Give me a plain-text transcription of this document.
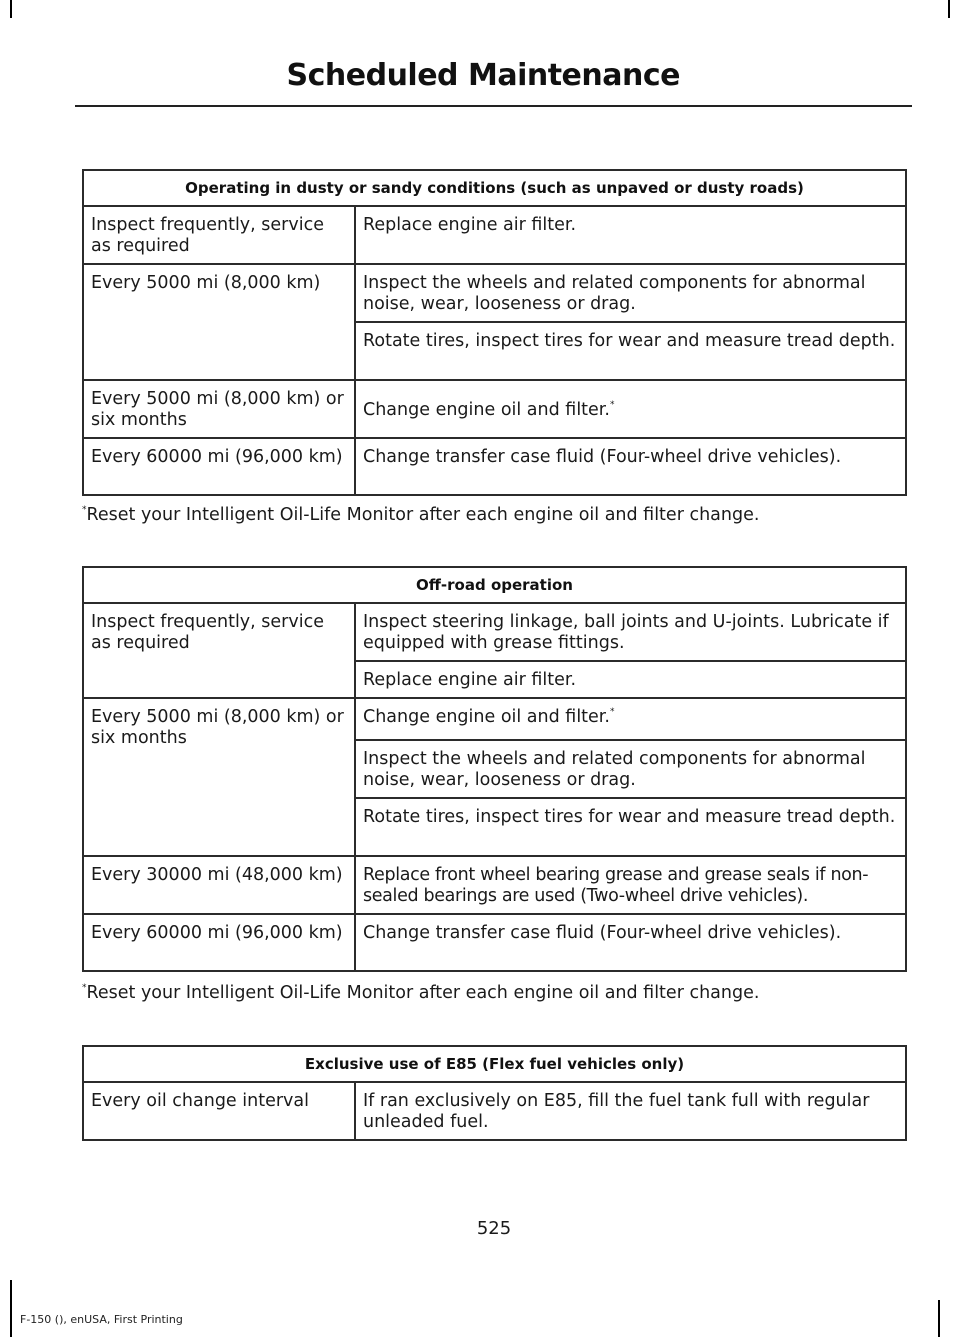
Scheduled Maintenance
Operating in dusty or sandy conditions (such as unpaved or dusty roads)	
Inspect frequently, service as required	Replace engine air filter.
Every 5000 mi (8,000 km)	Inspect the wheels and related components for abnormal noise, wear, looseness or drag.
	Rotate tires, inspect tires for wear and measure tread depth.
Every 5000 mi (8,000 km) or six months	Change engine oil and filter.*
Every 60000 mi (96,000 km)	Change transfer case fluid (Four-wheel drive vehicles).
*Reset your Intelligent Oil-Life Monitor after each engine oil and filter change.
Off-road operation	
Inspect frequently, service as required	Inspect steering linkage, ball joints and U-joints. Lubricate if equipped with grease fittings.
	Replace engine air filter.
Every 5000 mi (8,000 km) or six months	Change engine oil and filter.*
	Inspect the wheels and related components for abnormal noise, wear, looseness or drag.
	Rotate tires, inspect tires for wear and measure tread depth.
Every 30000 mi (48,000 km)	Replace front wheel bearing grease and grease seals if non-sealed bearings are used (Two-wheel drive vehicles).
Every 60000 mi (96,000 km)	Change transfer case fluid (Four-wheel drive vehicles).
*Reset your Intelligent Oil-Life Monitor after each engine oil and filter change.
Exclusive use of E85 (Flex fuel vehicles only)
Every oil change interval	If ran exclusively on E85, fill the fuel tank full with regular unleaded fuel.
525
F-150 (), enUSA, First Printing
